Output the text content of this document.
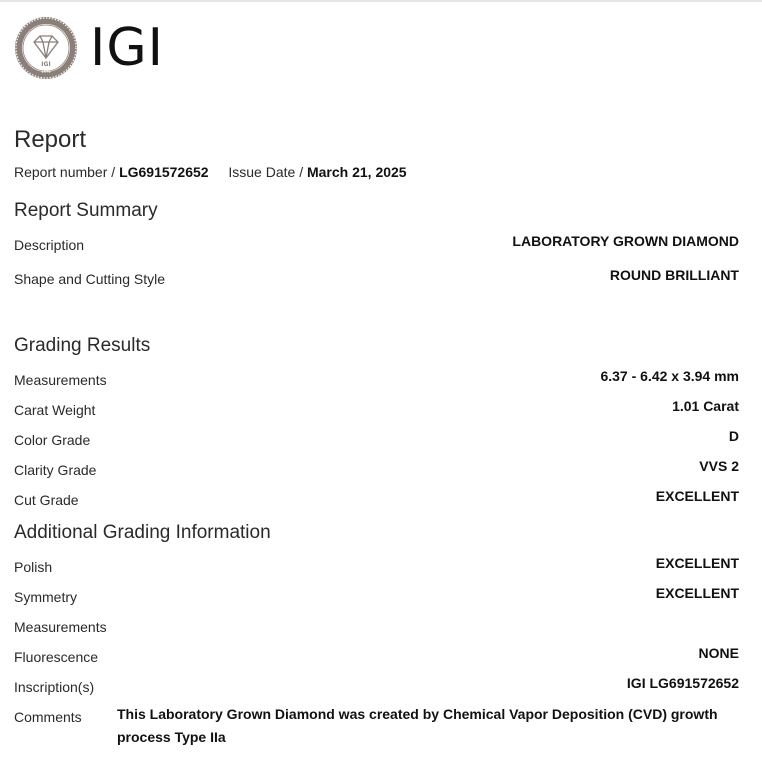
IGI
1975 IGI
Report
Report number / LG691572652 Issue Date / March 21, 2025
Report Summary
Description	LABORATORY GROWN DIAMOND
Shape and Cutting Style	ROUND BRILLIANT
Grading Results
Measurements	6.37 - 6.42 x 3.94 mm
Carat Weight	1.01 Carat
Color Grade	D
Clarity Grade	VVS 2
Cut Grade	EXCELLENT
Additional Grading Information
Polish	EXCELLENT
Symmetry	EXCELLENT
Measurements
Fluorescence	NONE
Inscription(s)	IGI LG691572652
Comments	This Laboratory Grown Diamond was created by Chemical Vapor Deposition (CVD) growth process Type IIa
